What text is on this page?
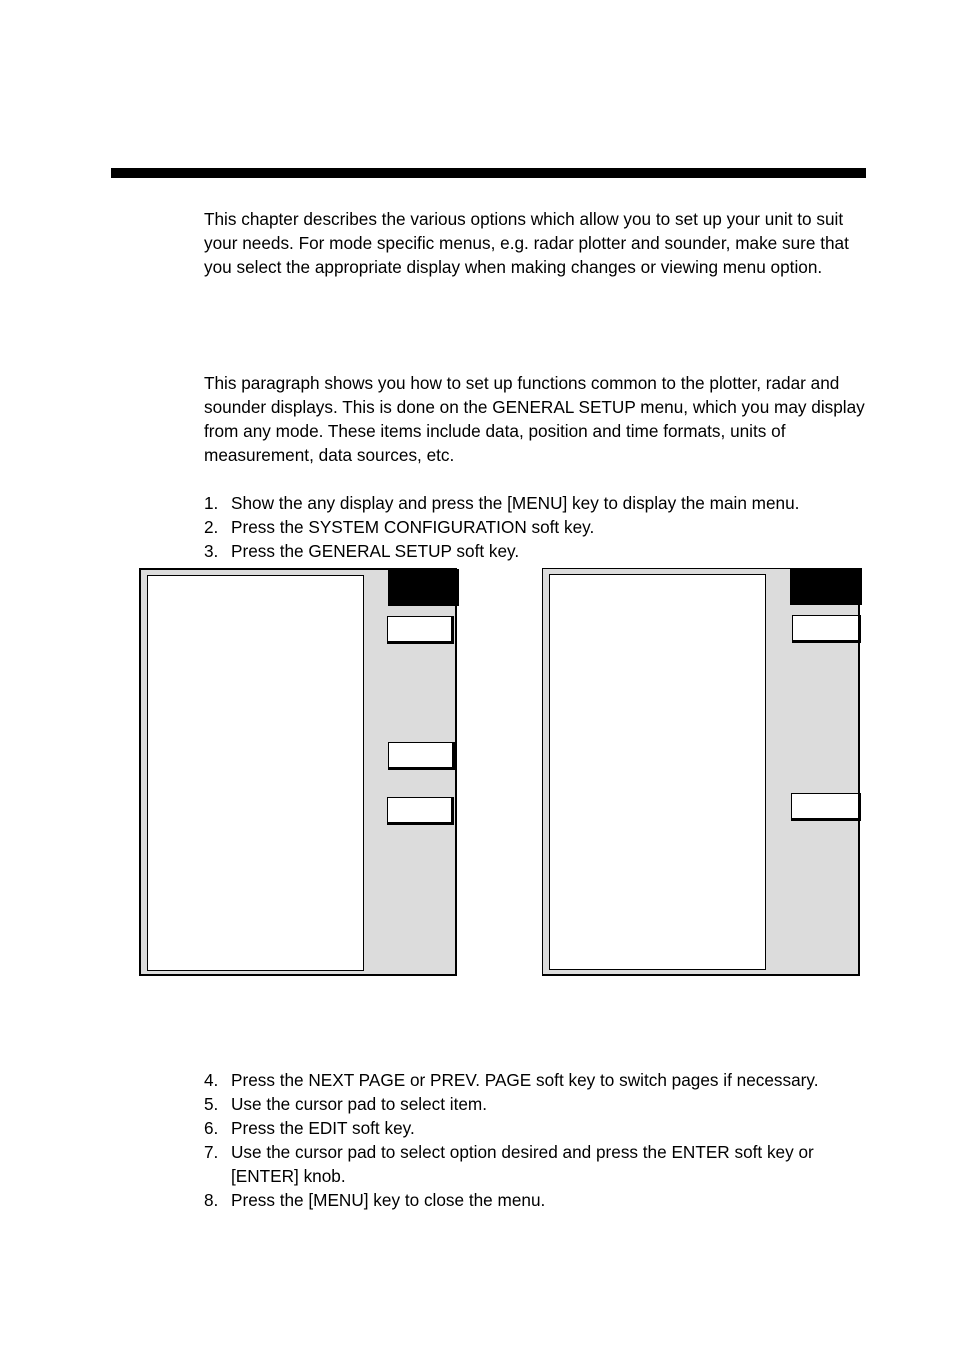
This chapter describes the various options which allow you to set up your unit to suit your needs. For mode specific menus, e.g. radar plotter and sounder, make sure that you select the appropriate display when making changes or viewing menu option.

This paragraph shows you how to set up functions common to the plotter, radar and sounder displays. This is done on the GENERAL SETUP menu, which you may display from any mode. These items include data, position and time formats, units of measurement, data sources, etc.

1. Show the any display and press the [MENU] key to display the main menu.
2. Press the SYSTEM CONFIGURATION soft key.
3. Press the GENERAL SETUP soft key.
4. Press the NEXT PAGE or PREV. PAGE soft key to switch pages if necessary.
5. Use the cursor pad to select item.
6. Press the EDIT soft key.
7. Use the cursor pad to select option desired and press the ENTER soft key or [ENTER] knob.
8. Press the [MENU] key to close the menu.
